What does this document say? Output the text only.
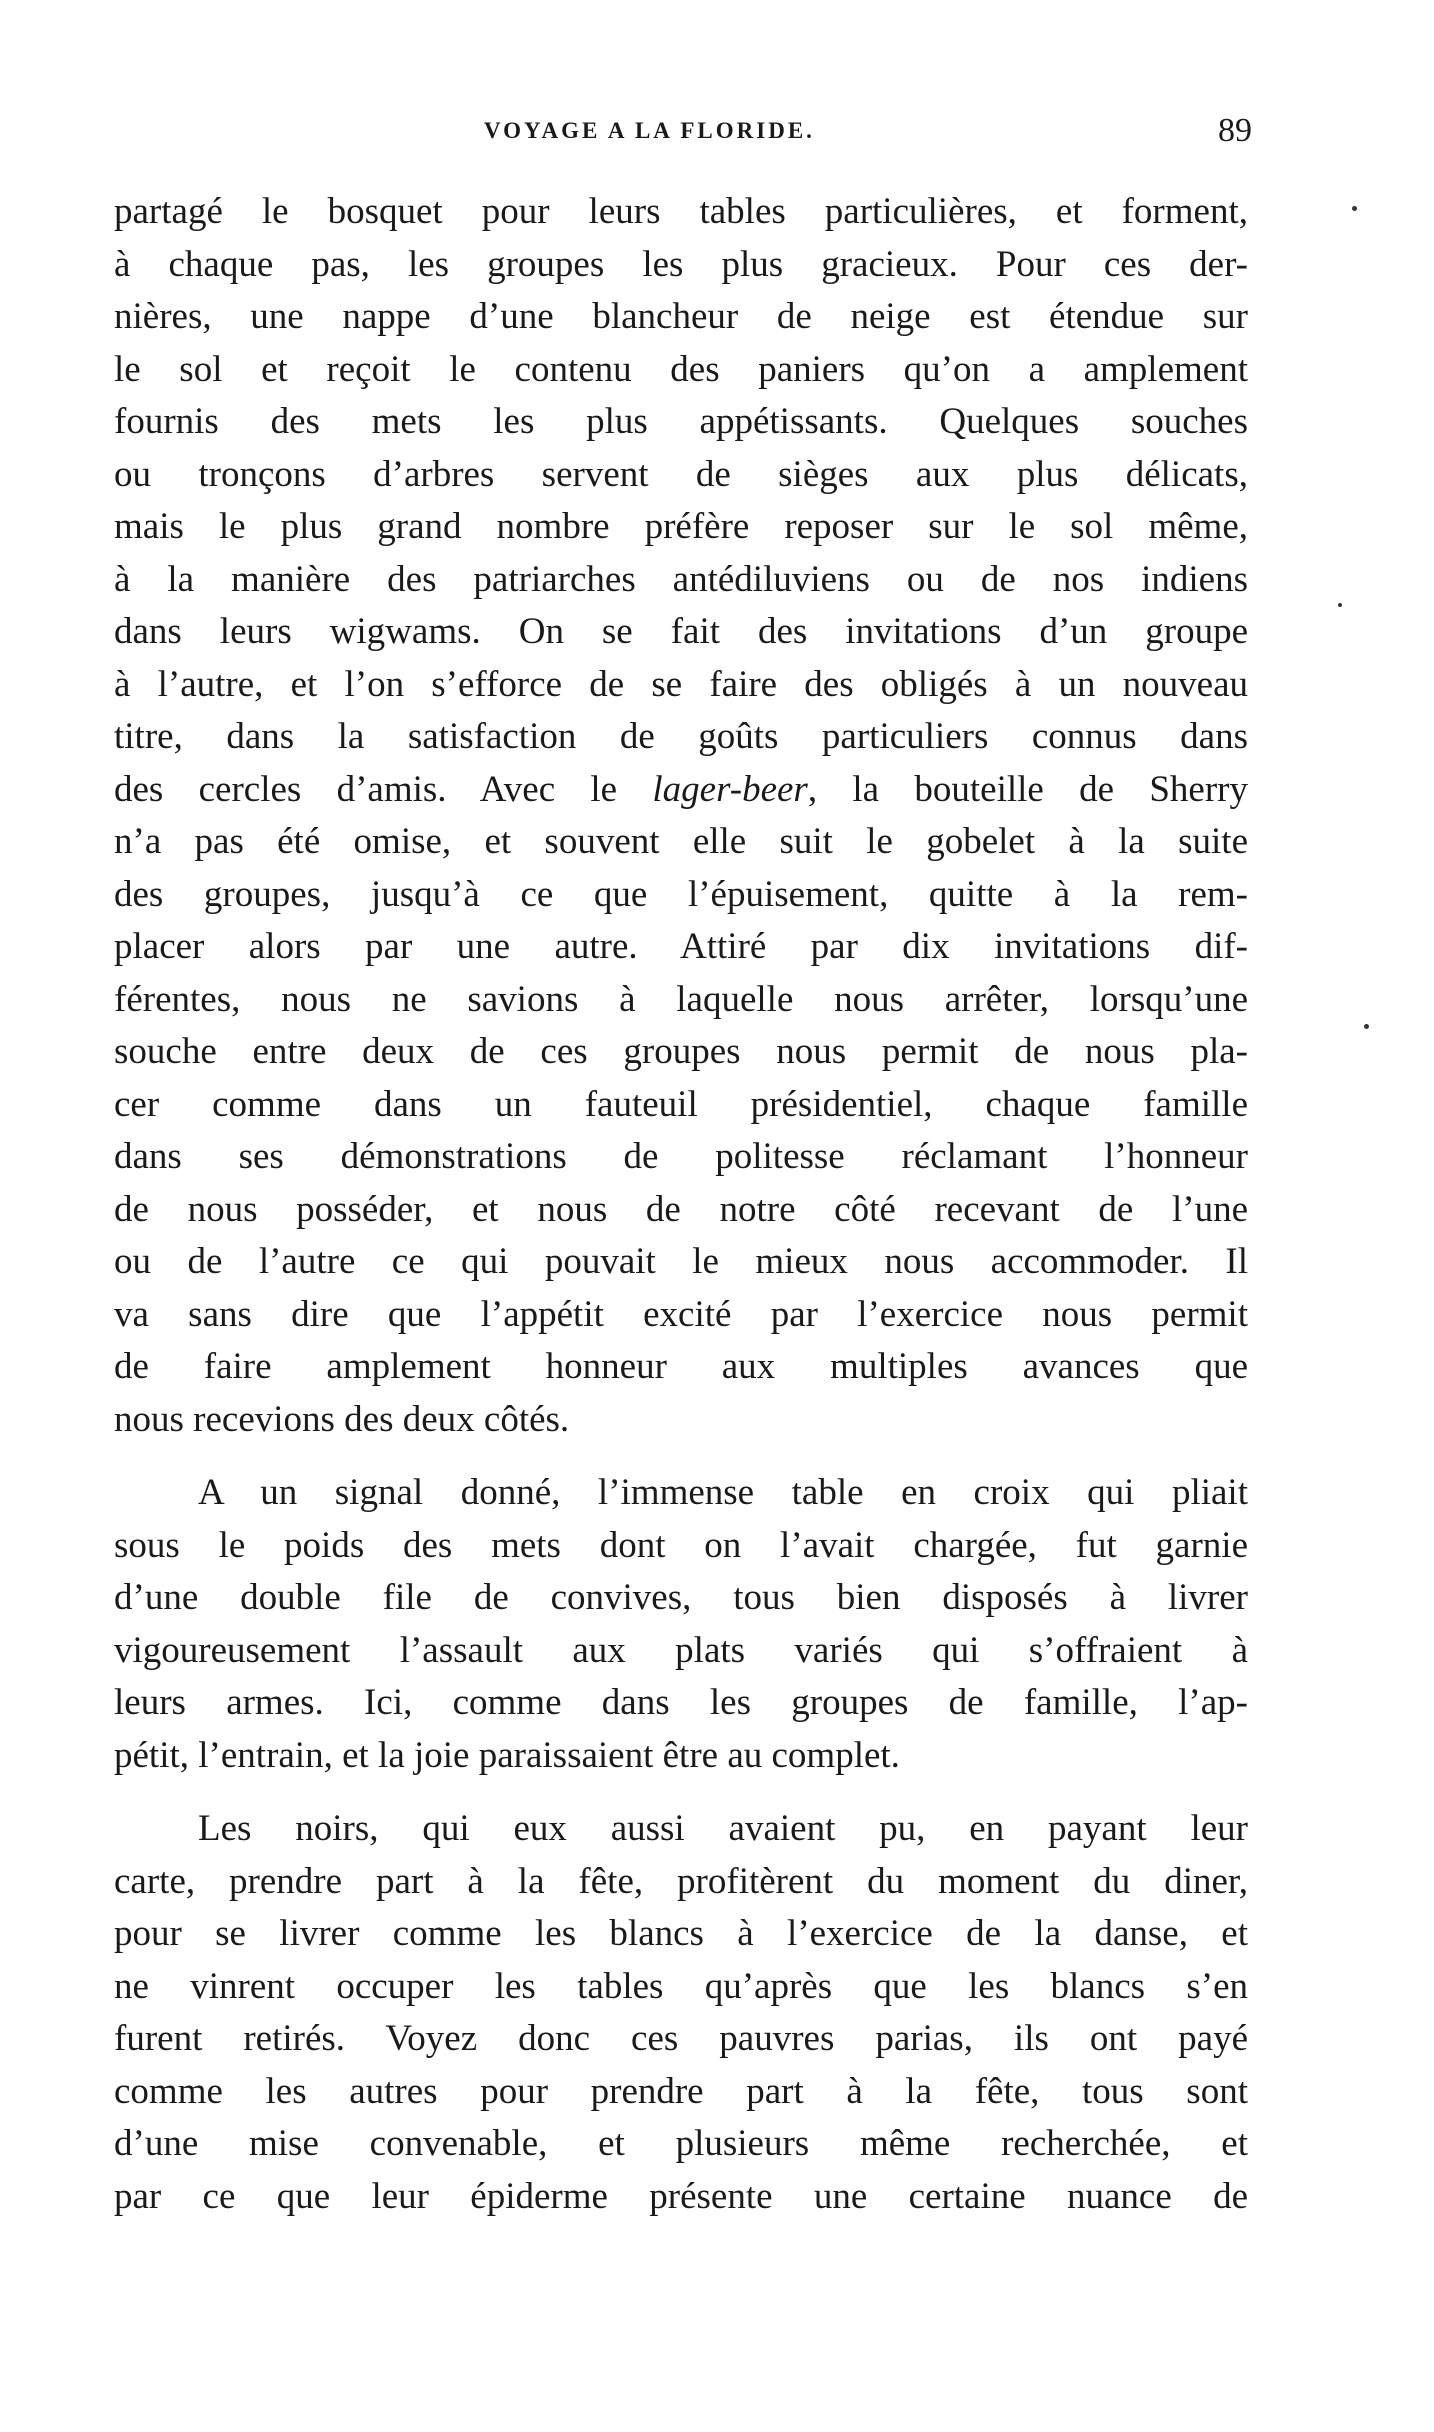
VOYAGE A LA FLORIDE.	89
partagé le bosquet pour leurs tables particulières, et forment,
à chaque pas, les groupes les plus gracieux. Pour ces der-
nières, une nappe d’une blancheur de neige est étendue sur
le sol et reçoit le contenu des paniers qu’on a amplement
fournis des mets les plus appétissants. Quelques souches
ou tronçons d’arbres servent de sièges aux plus délicats,
mais le plus grand nombre préfère reposer sur le sol même,
à la manière des patriarches antédiluviens ou de nos indiens
dans leurs wigwams. On se fait des invitations d’un groupe
à l’autre, et l’on s’efforce de se faire des obligés à un nouveau
titre, dans la satisfaction de goûts particuliers connus dans
des cercles d’amis. Avec le lager-beer, la bouteille de Sherry
n’a pas été omise, et souvent elle suit le gobelet à la suite
des groupes, jusqu’à ce que l’épuisement, quitte à la rem-
placer alors par une autre. Attiré par dix invitations dif-
férentes, nous ne savions à laquelle nous arrêter, lorsqu’une
souche entre deux de ces groupes nous permit de nous pla-
cer comme dans un fauteuil présidentiel, chaque famille
dans ses démonstrations de politesse réclamant l’honneur
de nous posséder, et nous de notre côté recevant de l’une
ou de l’autre ce qui pouvait le mieux nous accommoder. Il
va sans dire que l’appétit excité par l’exercice nous permit
de faire amplement honneur aux multiples avances que
nous recevions des deux côtés.
A un signal donné, l’immense table en croix qui pliait
sous le poids des mets dont on l’avait chargée, fut garnie
d’une double file de convives, tous bien disposés à livrer
vigoureusement l’assault aux plats variés qui s’offraient à
leurs armes. Ici, comme dans les groupes de famille, l’ap-
pétit, l’entrain, et la joie paraissaient être au complet.
Les noirs, qui eux aussi avaient pu, en payant leur
carte, prendre part à la fête, profitèrent du moment du diner,
pour se livrer comme les blancs à l’exercice de la danse, et
ne vinrent occuper les tables qu’après que les blancs s’en
furent retirés. Voyez donc ces pauvres parias, ils ont payé
comme les autres pour prendre part à la fête, tous sont
d’une mise convenable, et plusieurs même recherchée, et
par ce que leur épiderme présente une certaine nuance de
